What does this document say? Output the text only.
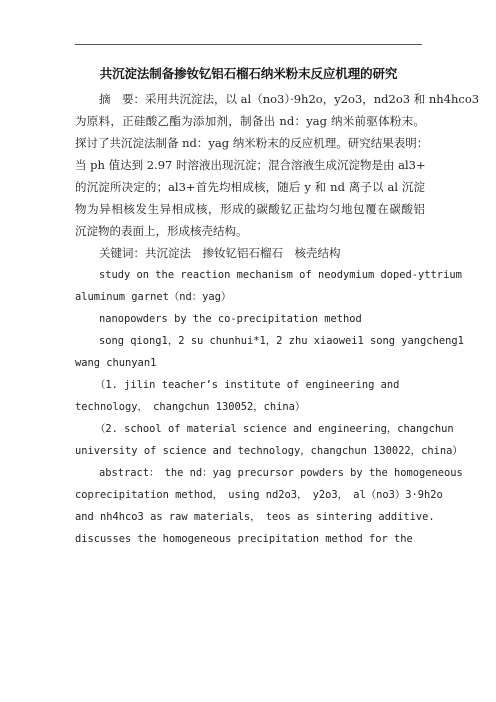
共沉淀法制备掺钕钇铝石榴石纳米粉末反应机理的研究
摘　要：采用共沉淀法，以 al（no3）·9h2o，y2o3，nd2o3 和 nh4hco3
为原料，正硅酸乙酯为添加剂，制备出 nd：yag 纳米前驱体粉末。
探讨了共沉淀法制备 nd：yag 纳米粉末的反应机理。研究结果表明：
当 ph 值达到 2.97 时溶液出现沉淀；混合溶液生成沉淀物是由 al3+
的沉淀所决定的；al3+首先均相成核，随后 y 和 nd 离子以 al 沉淀
物为异相核发生异相成核，形成的碳酸钇正盐均匀地包覆在碳酸铝
沉淀物的表面上，形成核壳结构。
关键词：共沉淀法　掺钕钇铝石榴石　核壳结构
study on the reaction mechanism of neodymium doped-yttrium
aluminum garnet（nd：yag）
nanopowders by the co-precipitation method
song qiong1，2 su chunhui*1，2 zhu xiaowei1 song yangcheng1
wang chunyan1
（1. jilin teacher’s institute of engineering and
technology，　changchun 130052，china）
（2. school of material science and engineering，changchun
university of science and technology，changchun 130022，china）
abstract：　the nd：yag precursor powders by the homogeneous
coprecipitation method，　using nd2o3，　y2o3，　al（no3）3·9h2o
and nh4hco3 as raw materials，　teos as sintering additive.
discusses the homogeneous precipitation method for the
